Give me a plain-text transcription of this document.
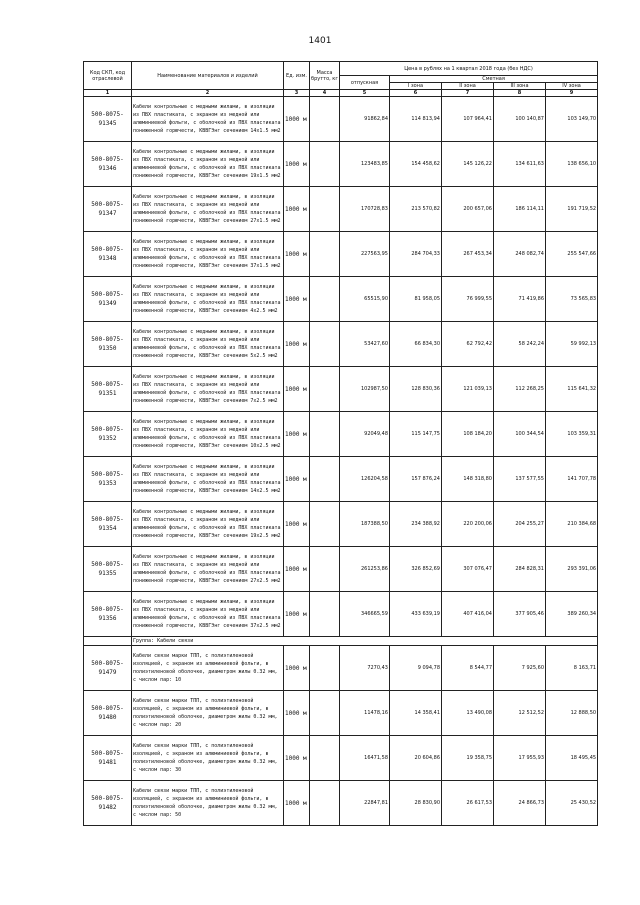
1401
Код СКП, код отраслевой	Наименование материалов и изделий	Ед. изм.	Масса брутто, кг	Цена в рублях на 1 квартал 2018 года (без НДС)				
				отпускная	Сметная			
					I зона	II зона	III зона	IV зона
1	2	3	4	5	6	7	8	9
500-8075-91345	Кабели контрольные с медными жилами, в изоляции из ПВХ пластиката, с экраном из медной или алюминиевой фольги, с оболочкой из ПВХ пластиката пониженной горючести, КВВГЭнг сечением 14х1.5 мм2	1000 м		91862,84	114 813,94	107 964,41	100 140,87	103 149,70
500-8075-91346	Кабели контрольные с медными жилами, в изоляции из ПВХ пластиката, с экраном из медной или алюминиевой фольги, с оболочкой из ПВХ пластиката пониженной горючести, КВВГЭнг сечением 19х1.5 мм2	1000 м		123483,85	154 458,62	145 126,22	134 611,63	138 656,10
500-8075-91347	Кабели контрольные с медными жилами, в изоляции из ПВХ пластиката, с экраном из медной или алюминиевой фольги, с оболочкой из ПВХ пластиката пониженной горючести, КВВГЭнг сечением 27х1.5 мм2	1000 м		170728,83	213 570,82	200 657,06	186 114,11	191 719,52
500-8075-91348	Кабели контрольные с медными жилами, в изоляции из ПВХ пластиката, с экраном из медной или алюминиевой фольги, с оболочкой из ПВХ пластиката пониженной горючести, КВВГЭнг сечением 37х1.5 мм2	1000 м		227563,95	284 704,33	267 453,34	248 082,74	255 547,66
500-8075-91349	Кабели контрольные с медными жилами, в изоляции из ПВХ пластиката, с экраном из медной или алюминиевой фольги, с оболочкой из ПВХ пластиката пониженной горючести, КВВГЭнг сечением 4х2.5 мм2	1000 м		65515,90	81 958,05	76 999,55	71 419,86	73 565,83
500-8075-91350	Кабели контрольные с медными жилами, в изоляции из ПВХ пластиката, с экраном из медной или алюминиевой фольги, с оболочкой из ПВХ пластиката пониженной горючести, КВВГЭнг сечением 5х2.5 мм2	1000 м		53427,60	66 834,30	62 792,42	58 242,24	59 992,13
500-8075-91351	Кабели контрольные с медными жилами, в изоляции из ПВХ пластиката, с экраном из медной или алюминиевой фольги, с оболочкой из ПВХ пластиката пониженной горючести, КВВГЭнг сечением 7х2.5 мм2	1000 м		102987,50	128 830,36	121 039,13	112 268,25	115 641,32
500-8075-91352	Кабели контрольные с медными жилами, в изоляции из ПВХ пластиката, с экраном из медной или алюминиевой фольги, с оболочкой из ПВХ пластиката пониженной горючести, КВВГЭнг сечением 10х2.5 мм2	1000 м		92049,48	115 147,75	108 184,20	100 344,54	103 359,31
500-8075-91353	Кабели контрольные с медными жилами, в изоляции из ПВХ пластиката, с экраном из медной или алюминиевой фольги, с оболочкой из ПВХ пластиката пониженной горючести, КВВГЭнг сечением 14х2.5 мм2	1000 м		126204,58	157 876,24	148 318,80	137 577,55	141 707,78
500-8075-91354	Кабели контрольные с медными жилами, в изоляции из ПВХ пластиката, с экраном из медной или алюминиевой фольги, с оболочкой из ПВХ пластиката пониженной горючести, КВВГЭнг сечением 19х2.5 мм2	1000 м		187388,50	234 388,92	220 200,06	204 255,27	210 384,68
500-8075-91355	Кабели контрольные с медными жилами, в изоляции из ПВХ пластиката, с экраном из медной или алюминиевой фольги, с оболочкой из ПВХ пластиката пониженной горючести, КВВГЭнг сечением 27х2.5 мм2	1000 м		261253,86	326 852,69	307 076,47	284 828,31	293 391,06
500-8075-91356	Кабели контрольные с медными жилами, в изоляции из ПВХ пластиката, с экраном из медной или алюминиевой фольги, с оболочкой из ПВХ пластиката пониженной горючести, КВВГЭнг сечением 37х2.5 мм2	1000 м		346665,59	433 639,19	407 416,04	377 905,46	389 260,34
	Группа: Кабели связи							
500-8075-91479	Кабели связи марки ТПП, с полиэтиленовой изоляцией, с экраном из алюминиевой фольги, в полиэтиленовой оболочке, диаметром жилы 0.32 мм, с числом пар: 10	1000 м		7270,43	9 094,78	8 544,77	7 925,60	8 163,71
500-8075-91480	Кабели связи марки ТПП, с полиэтиленовой изоляцией, с экраном из алюминиевой фольги, в полиэтиленовой оболочке, диаметром жилы 0.32 мм, с числом пар: 20	1000 м		11478,16	14 358,41	13 490,08	12 512,52	12 888,50
500-8075-91481	Кабели связи марки ТПП, с полиэтиленовой изоляцией, с экраном из алюминиевой фольги, в полиэтиленовой оболочке, диаметром жилы 0.32 мм, с числом пар: 30	1000 м		16471,58	20 604,86	19 358,75	17 955,93	18 495,45
500-8075-91482	Кабели связи марки ТПП, с полиэтиленовой изоляцией, с экраном из алюминиевой фольги, в полиэтиленовой оболочке, диаметром жилы 0.32 мм, с числом пар: 50	1000 м		22847,81	28 830,90	26 617,53	24 866,73	25 430,52
